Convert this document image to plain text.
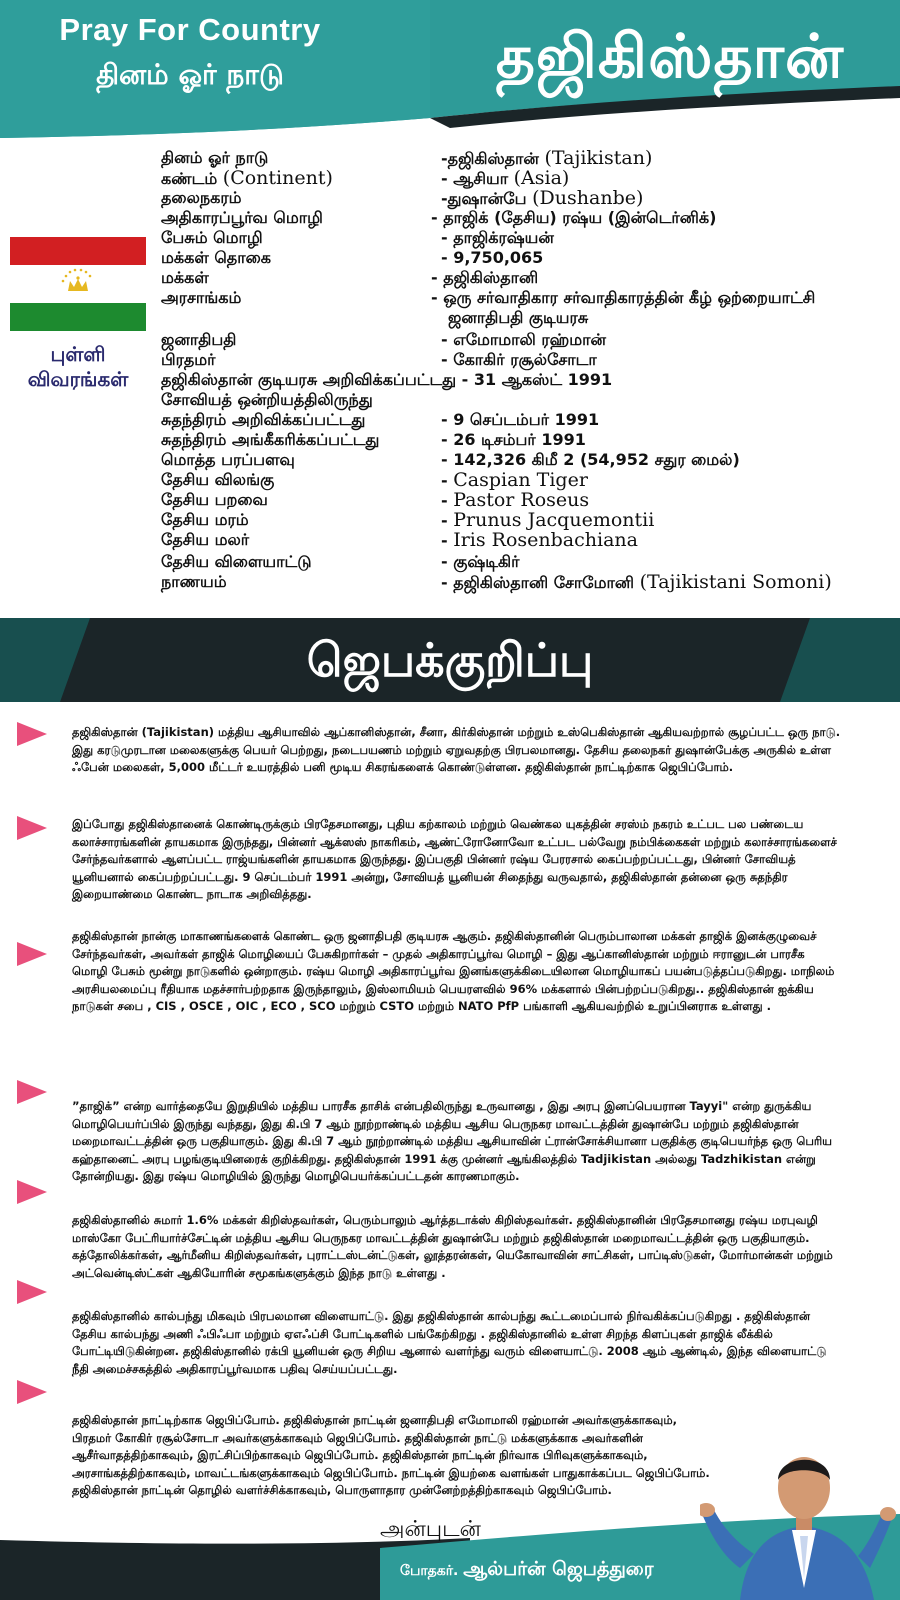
Pray For Country
தினம் ஓர் நாடு	தஜிகிஸ்தான்
புள்ளி
விவரங்கள்
தினம் ஓர் நாடு	-தஜிகிஸ்தான் (Tajikistan)
கண்டம் (Continent)	- ஆசியா (Asia)
தலைநகரம்	-துஷான்பே (Dushanbe)
அதிகாரப்பூர்வ மொழி	- தாஜிக் (தேசிய) ரஷ்ய (இன்டெர்னிக்)
பேசும் மொழி	- தாஜிக்ரஷ்யன்
மக்கள் தொகை	- 9,750,065
மக்கள்	- தஜிகிஸ்தானி
அரசாங்கம்	- ஒரு சர்வாதிகார சர்வாதிகாரத்தின் கீழ் ஒற்றையாட்சி
ஜனாதிபதி குடியரசு
ஜனாதிபதி	- எமோமாலி ரஹ்மான்
பிரதமர்	- கோகிர் ரசூல்சோடா
தஜிகிஸ்தான் குடியரசு அறிவிக்கப்பட்டது - 31 ஆகஸ்ட் 1991
சோவியத் ஒன்றியத்திலிருந்து
சுதந்திரம் அறிவிக்கப்பட்டது	- 9 செப்டம்பர் 1991
சுதந்திரம் அங்கீகரிக்கப்பட்டது	- 26 டிசம்பர் 1991
மொத்த பரப்பளவு	- 142,326 கிமீ 2 (54,952 சதுர மைல்)
தேசிய விலங்கு	- Caspian Tiger
தேசிய பறவை	- Pastor Roseus
தேசிய மரம்	- Prunus Jacquemontii
தேசிய மலர்	- Iris Rosenbachiana
தேசிய விளையாட்டு	- குஷ்டிகிர்
நாணயம்	- தஜிகிஸ்தானி சோமோனி (Tajikistani Somoni)
ஜெபக்குறிப்பு
தஜிகிஸ்தான் (Tajikistan) மத்திய ஆசியாவில் ஆப்கானிஸ்தான், சீனா, கிர்கிஸ்தான் மற்றும் உஸ்பெகிஸ்தான் ஆகியவற்றால் சூழப்பட்ட ஒரு நாடு. இது கரடுமுரடான மலைகளுக்கு பெயர் பெற்றது, நடைபயணம் மற்றும் ஏறுவதற்கு பிரபலமானது. தேசிய தலைநகர் துஷான்பேக்கு அருகில் உள்ள ஃபேன் மலைகள், 5,000 மீட்டர் உயரத்தில் பனி மூடிய சிகரங்களைக் கொண்டுள்ளன. தஜிகிஸ்தான் நாட்டிற்காக ஜெபிப்போம்.
இப்போது தஜிகிஸ்தானைக் கொண்டிருக்கும் பிரதேசமானது, புதிய கற்காலம் மற்றும் வெண்கல யுகத்தின் சரஸ்ம் நகரம் உட்பட பல பண்டைய கலாச்சாரங்களின் தாயகமாக இருந்தது, பின்னர் ஆக்ஸஸ் நாகரிகம், ஆண்ட்ரோனோவோ உட்பட பல்வேறு நம்பிக்கைகள் மற்றும் கலாச்சாரங்களைச் சேர்ந்தவர்களால் ஆளப்பட்ட ராஜ்யங்களின் தாயகமாக இருந்தது. இப்பகுதி பின்னர் ரஷ்ய பேரரசால் கைப்பற்றப்பட்டது, பின்னர் சோவியத் யூனியனால் கைப்பற்றப்பட்டது. 9 செப்டம்பர் 1991 அன்று, சோவியத் யூனியன் சிதைந்து வருவதால், தஜிகிஸ்தான் தன்னை ஒரு சுதந்திர இறையாண்மை கொண்ட நாடாக அறிவித்தது.
தஜிகிஸ்தான் நான்கு மாகாணங்களைக் கொண்ட ஒரு ஜனாதிபதி குடியரசு ஆகும். தஜிகிஸ்தானின் பெரும்பாலான மக்கள் தாஜிக் இனக்குழுவைச் சேர்ந்தவர்கள், அவர்கள் தாஜிக் மொழியைப் பேசுகிறார்கள் – முதல் அதிகாரப்பூர்வ மொழி – இது ஆப்கானிஸ்தான் மற்றும் ஈரானுடன் பாரசீக மொழி பேசும் மூன்று நாடுகளில் ஒன்றாகும். ரஷ்ய மொழி அதிகாரப்பூர்வ இனங்களுக்கிடையிலான மொழியாகப் பயன்படுத்தப்படுகிறது. மாநிலம் அரசியலமைப்பு ரீதியாக மதச்சார்பற்றதாக இருந்தாலும், இஸ்லாமியம் பெயரளவில் 96% மக்களால் பின்பற்றப்படுகிறது.. தஜிகிஸ்தான் ஐக்கிய நாடுகள் சபை , CIS , OSCE , OIC , ECO , SCO மற்றும் CSTO மற்றும் NATO PfP பங்காளி ஆகியவற்றில் உறுப்பினராக உள்ளது .
”தாஜிக்” என்ற வார்த்தையே இறுதியில் மத்திய பாரசீக தாசிக் என்பதிலிருந்து உருவானது , இது அரபு இனப்பெயரான Tayyi" என்ற துருக்கிய மொழிபெயர்ப்பில் இருந்து வந்தது, இது கி.பி 7 ஆம் நூற்றாண்டில் மத்திய ஆசிய பெருநகர மாவட்டத்தின் துஷான்பே மற்றும் தஜிகிஸ்தான் மறைமாவட்டத்தின் ஒரு பகுதியாகும். இது கி.பி 7 ஆம் நூற்றாண்டில் மத்திய ஆசியாவின் ட்ரான்சோக்சியானா பகுதிக்கு குடிபெயர்ந்த ஒரு பெரிய கஹ்தானைட் அரபு பழங்குடியினரைக் குறிக்கிறது. தஜிகிஸ்தான் 1991 க்கு முன்னர் ஆங்கிலத்தில் Tadjikistan அல்லது Tadzhikistan என்று தோன்றியது. இது ரஷ்ய மொழியில் இருந்து மொழிபெயர்க்கப்பட்டதன் காரணமாகும்.
தஜிகிஸ்தானில் சுமார் 1.6% மக்கள் கிறிஸ்தவர்கள், பெரும்பாலும் ஆர்த்தடாக்ஸ் கிறிஸ்தவர்கள். தஜிகிஸ்தானின் பிரதேசமானது ரஷ்ய மரபுவழி மாஸ்கோ பேட்ரியார்ச்சேட்டின் மத்திய ஆசிய பெருநகர மாவட்டத்தின் துஷான்பே மற்றும் தஜிகிஸ்தான் மறைமாவட்டத்தின் ஒரு பகுதியாகும். கத்தோலிக்கர்கள், ஆர்மீனிய கிறிஸ்தவர்கள், புராட்டஸ்டன்ட்டுகள், லூத்தரன்கள், யெகோவாவின் சாட்சிகள், பாப்டிஸ்டுகள், மோர்மான்கள் மற்றும் அட்வென்டிஸ்ட்கள் ஆகியோரின் சமூகங்களுக்கும் இந்த நாடு உள்ளது .
தஜிகிஸ்தானில் கால்பந்து மிகவும் பிரபலமான விளையாட்டு. இது தஜிகிஸ்தான் கால்பந்து கூட்டமைப்பால் நிர்வகிக்கப்படுகிறது . தஜிகிஸ்தான் தேசிய கால்பந்து அணி ஃபிஃபா மற்றும் ஏஎஃப்சி போட்டிகளில் பங்கேற்கிறது . தஜிகிஸ்தானில் உள்ள சிறந்த கிளப்புகள் தாஜிக் லீக்கில் போட்டியிடுகின்றன. தஜிகிஸ்தானில் ரக்பி யூனியன் ஒரு சிறிய ஆனால் வளர்ந்து வரும் விளையாட்டு. 2008 ஆம் ஆண்டில், இந்த விளையாட்டு நீதி அமைச்சகத்தில் அதிகாரப்பூர்வமாக பதிவு செய்யப்பட்டது.
தஜிகிஸ்தான் நாட்டிற்காக ஜெபிப்போம். தஜிகிஸ்தான் நாட்டின் ஜனாதிபதி எமோமாலி ரஹ்மான் அவர்களுக்காகவும், பிரதமர் கோகிர் ரசூல்சோடா அவர்களுக்காகவும் ஜெபிப்போம். தஜிகிஸ்தான் நாட்டு மக்களுக்காக அவர்களின் ஆசீர்வாதத்திற்காகவும், இரட்சிப்பிற்காகவும் ஜெபிப்போம். தஜிகிஸ்தான் நாட்டின் நிர்வாக பிரிவுகளுக்காகவும், அரசாங்கத்திற்காகவும், மாவட்டங்களுக்காகவும் ஜெபிப்போம். நாட்டின் இயற்கை வளங்கள் பாதுகாக்கப்பட ஜெபிப்போம். தஜிகிஸ்தான் நாட்டின் தொழில் வளர்ச்சிக்காகவும், பொருளாதார முன்னேற்றத்திற்காகவும் ஜெபிப்போம்.
அன்புடன்
போதகர். ஆல்பர்ன் ஜெபத்துரை
